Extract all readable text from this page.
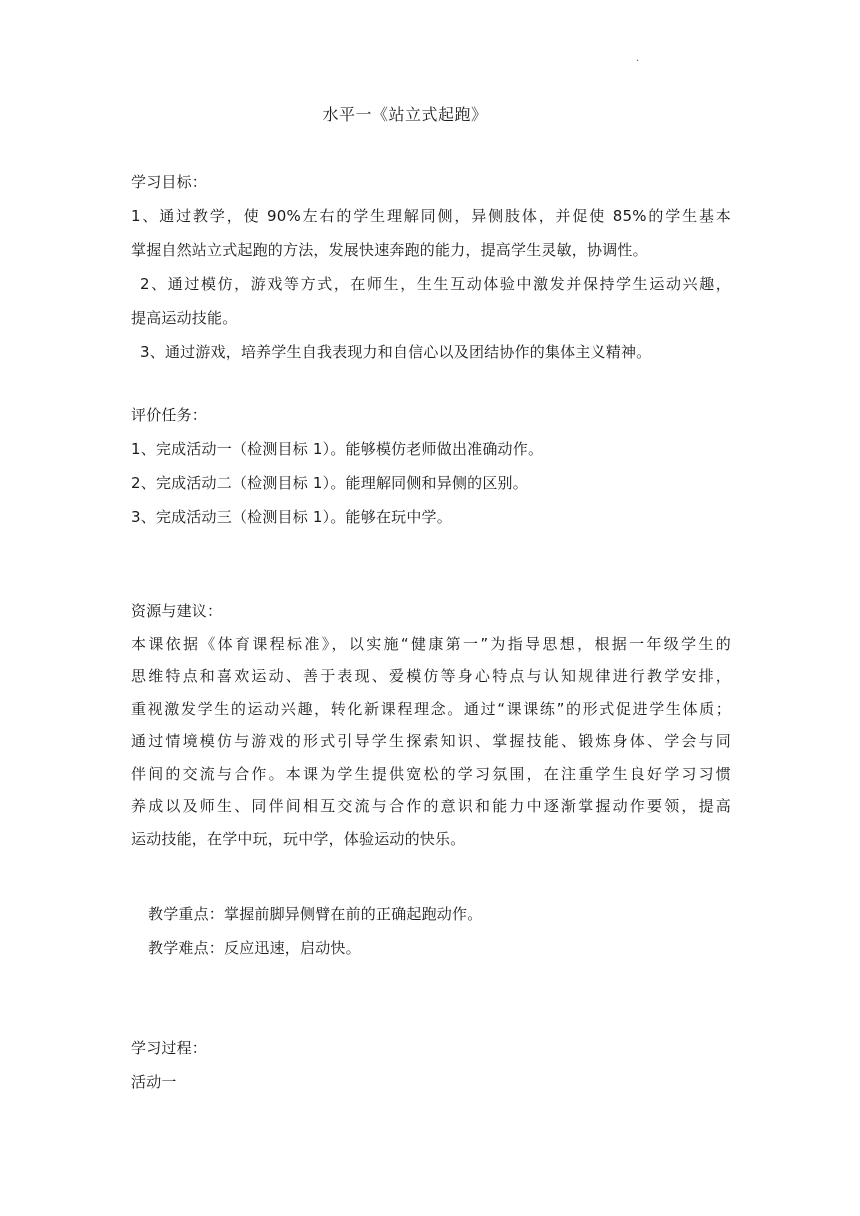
·
水平一《站立式起跑》
学习目标：
1、通过教学，使 90%左右的学生理解同侧，异侧肢体，并促使 85%的学生基本
掌握自然站立式起跑的方法，发展快速奔跑的能力，提高学生灵敏，协调性。
2、通过模仿，游戏等方式，在师生，生生互动体验中激发并保持学生运动兴趣，
提高运动技能。
3、通过游戏，培养学生自我表现力和自信心以及团结协作的集体主义精神。
评价任务：
1、完成活动一（检测目标 1）。能够模仿老师做出准确动作。
2、完成活动二（检测目标 1）。能理解同侧和异侧的区别。
3、完成活动三（检测目标 1）。能够在玩中学。
资源与建议：
本课依据《体育课程标准》，以实施“健康第一”为指导思想，根据一年级学生的
思维特点和喜欢运动、善于表现、爱模仿等身心特点与认知规律进行教学安排，
重视激发学生的运动兴趣，转化新课程理念。通过“课课练”的形式促进学生体质；
通过情境模仿与游戏的形式引导学生探索知识、掌握技能、锻炼身体、学会与同
伴间的交流与合作。本课为学生提供宽松的学习氛围，在注重学生良好学习习惯
养成以及师生、同伴间相互交流与合作的意识和能力中逐渐掌握动作要领，提高
运动技能，在学中玩，玩中学，体验运动的快乐。
教学重点：掌握前脚异侧臂在前的正确起跑动作。
教学难点：反应迅速，启动快。
学习过程：
活动一
